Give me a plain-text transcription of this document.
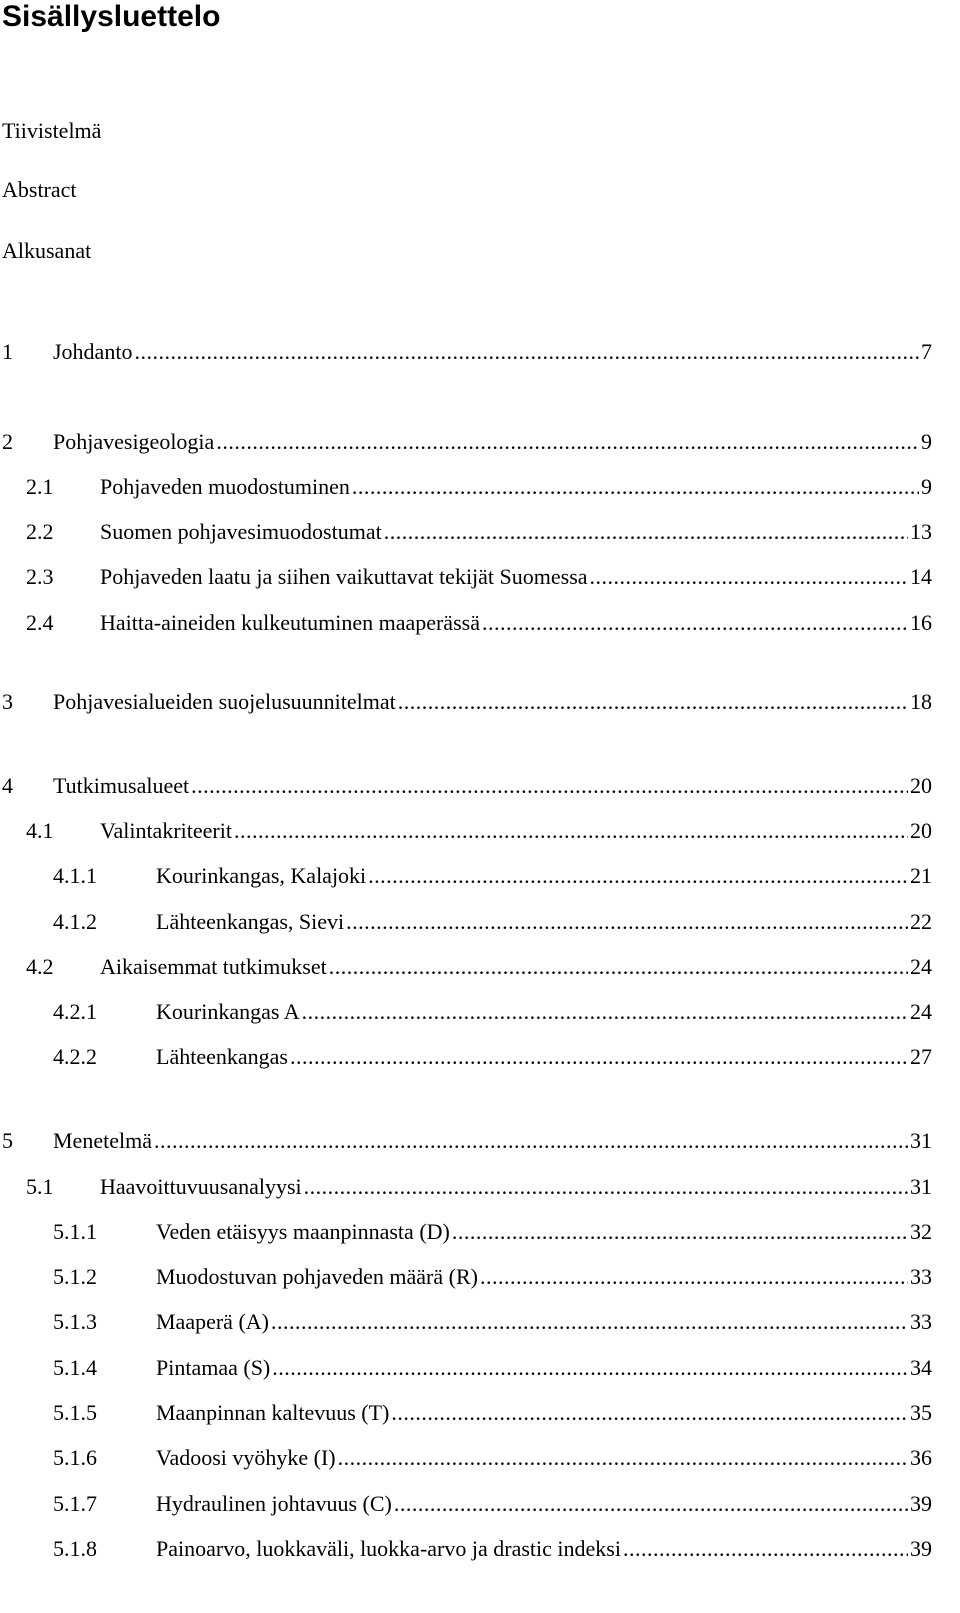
Sisällysluettelo
Tiivistelmä
Abstract
Alkusanat
1	Johdanto .....	7
2	Pohjavesigeologia .....	9
2.1	Pohjaveden muodostuminen .....	9
2.2	Suomen pohjavesimuodostumat .....	13
2.3	Pohjaveden laatu ja siihen vaikuttavat tekijät Suomessa .....	14
2.4	Haitta-aineiden kulkeutuminen maaperässä .....	16
3	Pohjavesialueiden suojelusuunnitelmat .....	18
4	Tutkimusalueet .....	20
4.1	Valintakriteerit .....	20
4.1.1	Kourinkangas, Kalajoki .....	21
4.1.2	Lähteenkangas, Sievi .....	22
4.2	Aikaisemmat tutkimukset .....	24
4.2.1	Kourinkangas A .....	24
4.2.2	Lähteenkangas .....	27
5	Menetelmä .....	31
5.1	Haavoittuvuusanalyysi .....	31
5.1.1	Veden etäisyys maanpinnasta (D) .....	32
5.1.2	Muodostuvan pohjaveden määrä (R) .....	33
5.1.3	Maaperä (A) .....	33
5.1.4	Pintamaa (S) .....	34
5.1.5	Maanpinnan kaltevuus (T) .....	35
5.1.6	Vadoosi vyöhyke (I) .....	36
5.1.7	Hydraulinen johtavuus (C) .....	39
5.1.8	Painoarvo, luokkaväli, luokka-arvo ja drastic indeksi .....	39
